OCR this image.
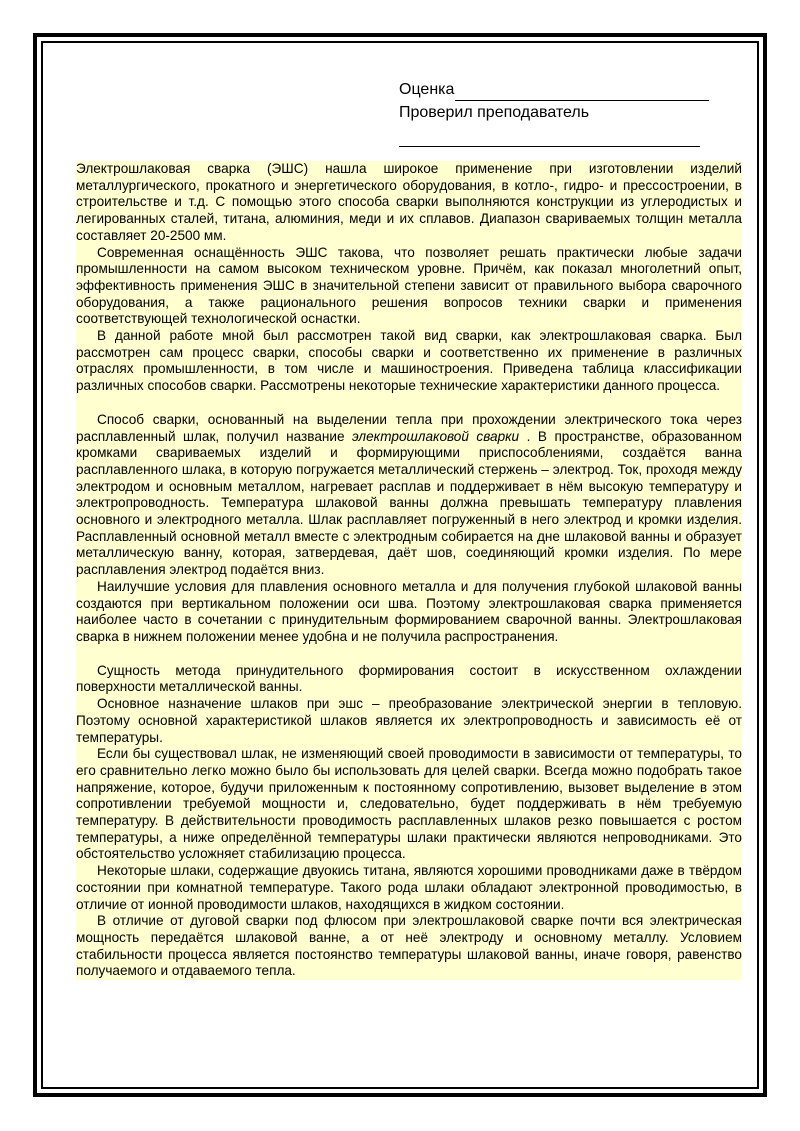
Оценка
Проверил преподаватель

Электрошлаковая сварка (ЭШС) нашла широкое применение при изготовлении изделий металлургического, прокатного и энергетического оборудования, в котло-, гидро- и прессостроении, в строительстве и т.д. С помощью этого способа сварки выполняются конструкции из углеродистых и легированных сталей, титана, алюминия, меди и их сплавов. Диапазон свариваемых толщин металла составляет 20-2500 мм.

Современная оснащённость ЭШС такова, что позволяет решать практически любые задачи промышленности на самом высоком техническом уровне. Причём, как показал многолетний опыт, эффективность применения ЭШС в значительной степени зависит от правильного выбора сварочного оборудования, а также рационального решения вопросов техники сварки и применения соответствующей технологической оснастки.

В данной работе мной был рассмотрен такой вид сварки, как электрошлаковая сварка. Был рассмотрен сам процесс сварки, способы сварки и соответственно их применение в различных отраслях промышленности, в том числе и машиностроения. Приведена таблица классификации различных способов сварки. Рассмотрены некоторые технические характеристики данного процесса.

Способ сварки, основанный на выделении тепла при прохождении электрического тока через расплавленный шлак, получил название электрошлаковой сварки . В пространстве, образованном кромками свариваемых изделий и формирующими приспособлениями, создаётся ванна расплавленного шлака, в которую погружается металлический стержень – электрод. Ток, проходя между электродом и основным металлом, нагревает расплав и поддерживает в нём высокую температуру и электропроводность. Температура шлаковой ванны должна превышать температуру плавления основного и электродного металла. Шлак расплавляет погруженный в него электрод и кромки изделия. Расплавленный основной металл вместе с электродным собирается на дне шлаковой ванны и образует металлическую ванну, которая, затвердевая, даёт шов, соединяющий кромки изделия. По мере расплавления электрод подаётся вниз.

Наилучшие условия для плавления основного металла и для получения глубокой шлаковой ванны создаются при вертикальном положении оси шва. Поэтому электрошлаковая сварка применяется наиболее часто в сочетании с принудительным формированием сварочной ванны. Электрошлаковая сварка в нижнем положении менее удобна и не получила распространения.

Сущность метода принудительного формирования состоит в искусственном охлаждении поверхности металлической ванны.

Основное назначение шлаков при эшс – преобразование электрической энергии в тепловую. Поэтому основной характеристикой шлаков является их электропроводность и зависимость её от температуры.

Если бы существовал шлак, не изменяющий своей проводимости в зависимости от температуры, то его сравнительно легко можно было бы использовать для целей сварки. Всегда можно подобрать такое напряжение, которое, будучи приложенным к постоянному сопротивлению, вызовет выделение в этом сопротивлении требуемой мощности и, следовательно, будет поддерживать в нём требуемую температуру. В действительности проводимость расплавленных шлаков резко повышается с ростом температуры, а ниже определённой температуры шлаки практически являются непроводниками. Это обстоятельство усложняет стабилизацию процесса.

Некоторые шлаки, содержащие двуокись титана, являются хорошими проводниками даже в твёрдом состоянии при комнатной температуре. Такого рода шлаки обладают электронной проводимостью, в отличие от ионной проводимости шлаков, находящихся в жидком состоянии.

В отличие от дуговой сварки под флюсом при электрошлаковой сварке почти вся электрическая мощность передаётся шлаковой ванне, а от неё электроду и основному металлу. Условием стабильности процесса является постоянство температуры шлаковой ванны, иначе говоря, равенство получаемого и отдаваемого тепла.
